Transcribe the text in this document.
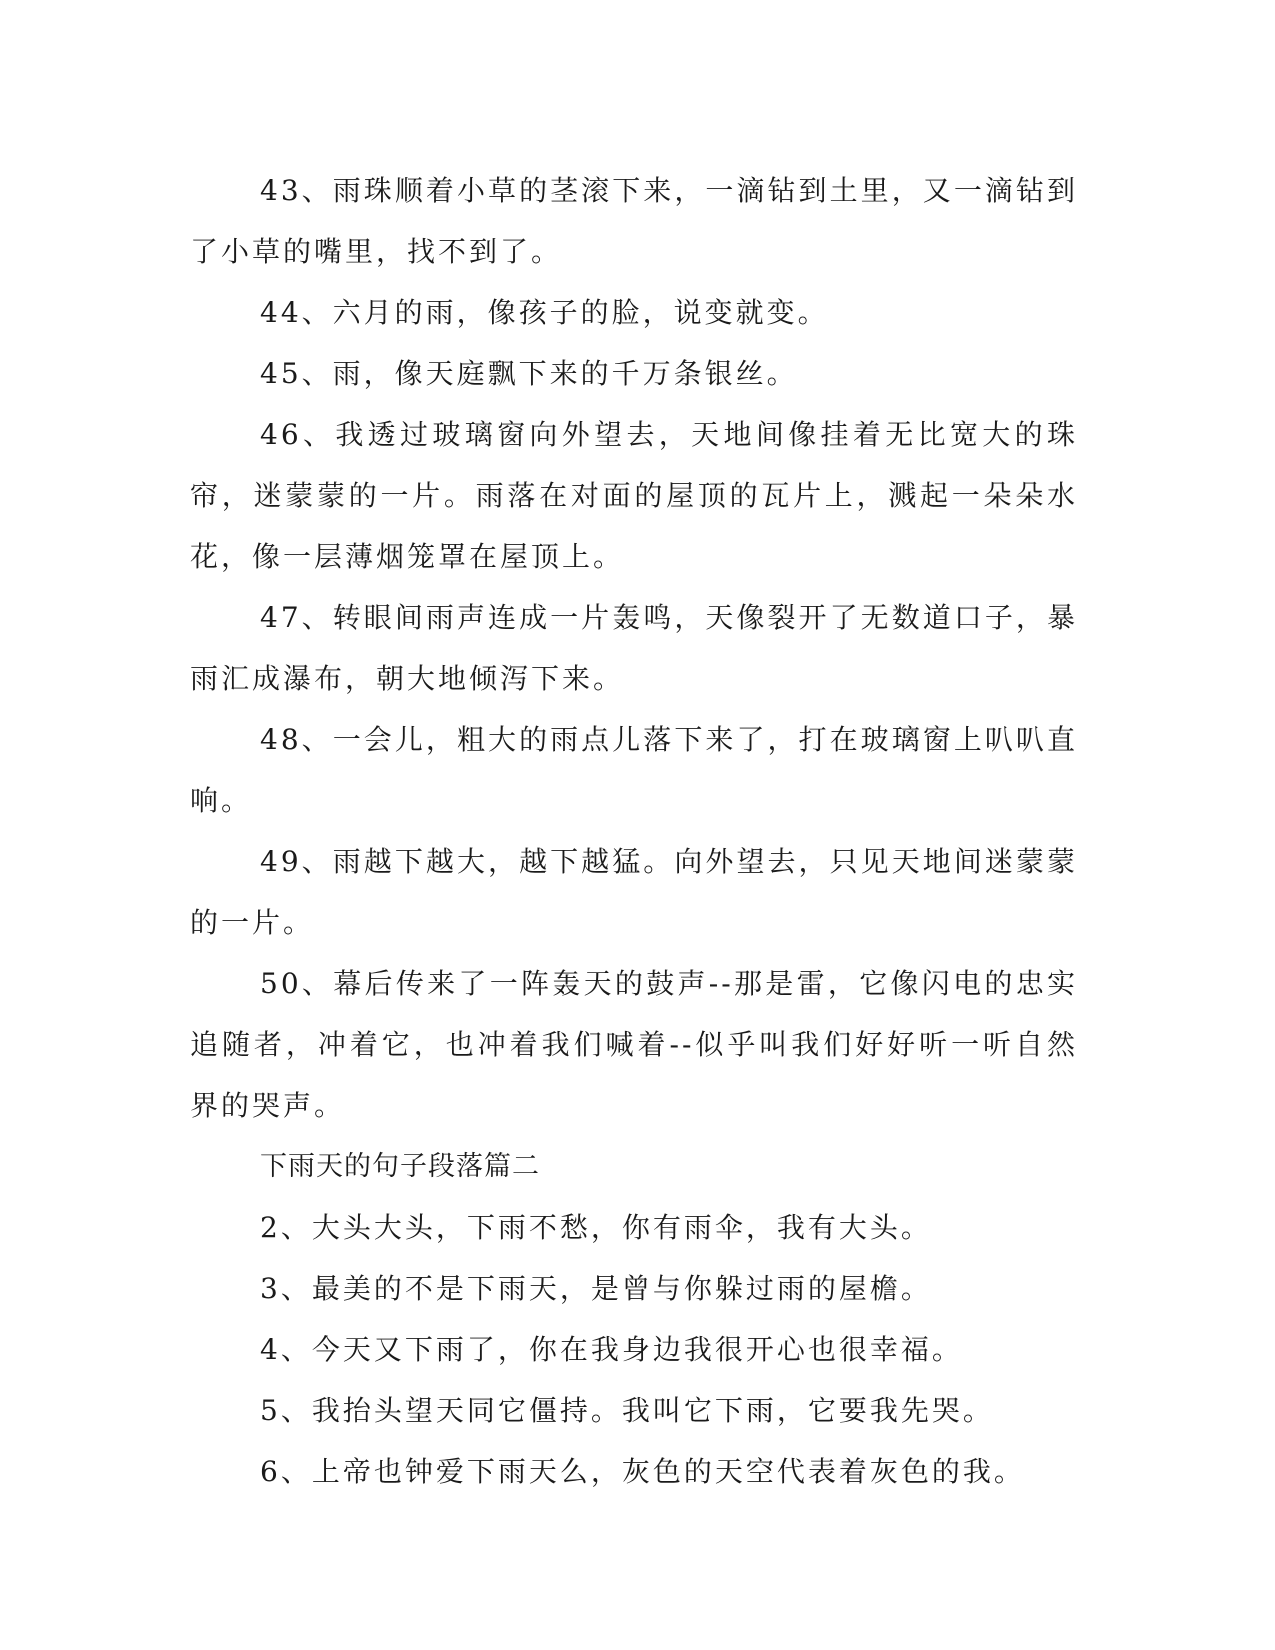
43、雨珠顺着小草的茎滚下来，一滴钻到土里，又一滴钻到了小草的嘴里，找不到了。

44、六月的雨，像孩子的脸，说变就变。

45、雨，像天庭飘下来的千万条银丝。

46、我透过玻璃窗向外望去，天地间像挂着无比宽大的珠帘，迷蒙蒙的一片。雨落在对面的屋顶的瓦片上，溅起一朵朵水花，像一层薄烟笼罩在屋顶上。

47、转眼间雨声连成一片轰鸣，天像裂开了无数道口子，暴雨汇成瀑布，朝大地倾泻下来。

48、一会儿，粗大的雨点儿落下来了，打在玻璃窗上叭叭直响。

49、雨越下越大，越下越猛。向外望去，只见天地间迷蒙蒙的一片。

50、幕后传来了一阵轰天的鼓声--那是雷，它像闪电的忠实追随者，冲着它，也冲着我们喊着--似乎叫我们好好听一听自然界的哭声。

下雨天的句子段落篇二

2、大头大头，下雨不愁，你有雨伞，我有大头。

3、最美的不是下雨天，是曾与你躲过雨的屋檐。

4、今天又下雨了，你在我身边我很开心也很幸福。

5、我抬头望天同它僵持。我叫它下雨，它要我先哭。

6、上帝也钟爱下雨天么，灰色的天空代表着灰色的我。
